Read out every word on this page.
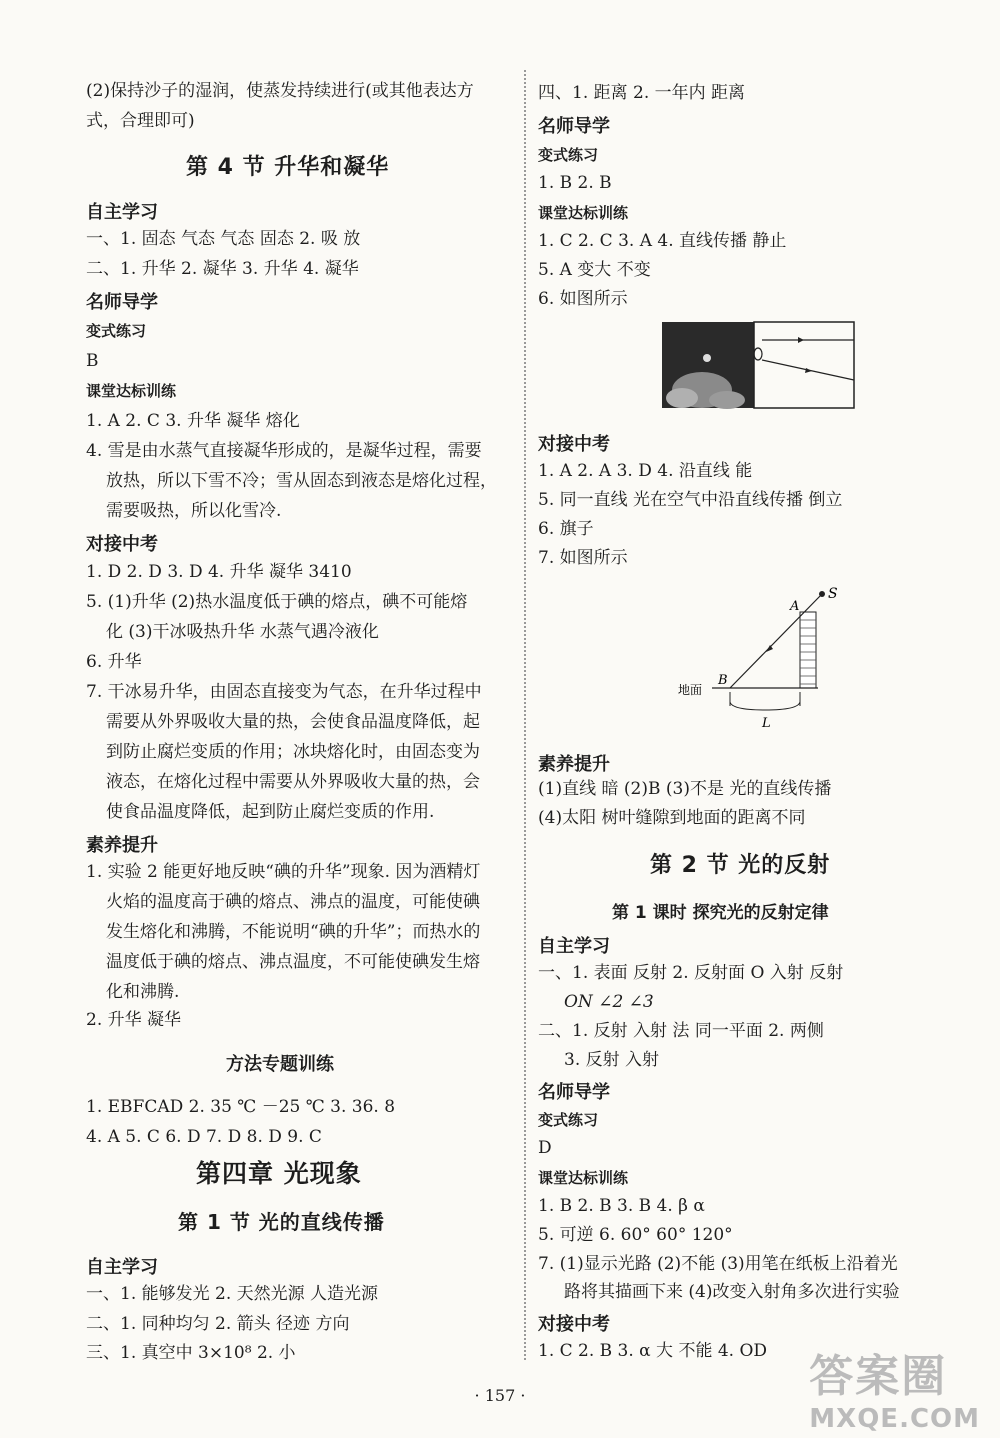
(2)保持沙子的湿润，使蒸发持续进行(或其他表达方
式，合理即可)
第 4 节 升华和凝华
自主学习
一、1. 固态 气态 气态 固态 2. 吸 放
二、1. 升华 2. 凝华 3. 升华 4. 凝华
名师导学
变式练习
B
课堂达标训练
1. A 2. C 3. 升华 凝华 熔化
4. 雪是由水蒸气直接凝华形成的，是凝华过程，需要
放热，所以下雪不冷；雪从固态到液态是熔化过程，
需要吸热，所以化雪冷.
对接中考
1. D 2. D 3. D 4. 升华 凝华 3410
5. (1)升华 (2)热水温度低于碘的熔点，碘不可能熔
化 (3)干冰吸热升华 水蒸气遇冷液化
6. 升华
7. 干冰易升华，由固态直接变为气态，在升华过程中
需要从外界吸收大量的热，会使食品温度降低，起
到防止腐烂变质的作用；冰块熔化时，由固态变为
液态，在熔化过程中需要从外界吸收大量的热，会
使食品温度降低，起到防止腐烂变质的作用.
素养提升
1. 实验 2 能更好地反映“碘的升华”现象. 因为酒精灯
火焰的温度高于碘的熔点、沸点的温度，可能使碘
发生熔化和沸腾，不能说明“碘的升华”；而热水的
温度低于碘的熔点、沸点温度，不可能使碘发生熔
化和沸腾.
2. 升华 凝华
方法专题训练
1. EBFCAD 2. 35 ℃ －25 ℃ 3. 36. 8
4. A 5. C 6. D 7. D 8. D 9. C
第四章 光现象
第 1 节 光的直线传播
自主学习
一、1. 能够发光 2. 天然光源 人造光源
二、1. 同种均匀 2. 箭头 径迹 方向
三、1. 真空中 3×10⁸ 2. 小
四、1. 距离 2. 一年内 距离
名师导学
变式练习
1. B 2. B
课堂达标训练
1. C 2. C 3. A 4. 直线传播 静止
5. A 变大 不变
6. 如图所示
对接中考
1. A 2. A 3. D 4. 沿直线 能
5. 同一直线 光在空气中沿直线传播 倒立
6. 旗子
7. 如图所示
S
A
B
地面
L
素养提升
(1)直线 暗 (2)B (3)不是 光的直线传播
(4)太阳 树叶缝隙到地面的距离不同
第 2 节 光的反射
第 1 课时 探究光的反射定律
自主学习
一、1. 表面 反射 2. 反射面 O 入射 反射
ON ∠2 ∠3
二、1. 反射 入射 法 同一平面 2. 两侧
3. 反射 入射
名师导学
变式练习
D
课堂达标训练
1. B 2. B 3. B 4. β α
5. 可逆 6. 60° 60° 120°
7. (1)显示光路 (2)不能 (3)用笔在纸板上沿着光
路将其描画下来 (4)改变入射角多次进行实验
对接中考
1. C 2. B 3. α 大 不能 4. OD
· 157 ·	答案圈
MXQE.COM
